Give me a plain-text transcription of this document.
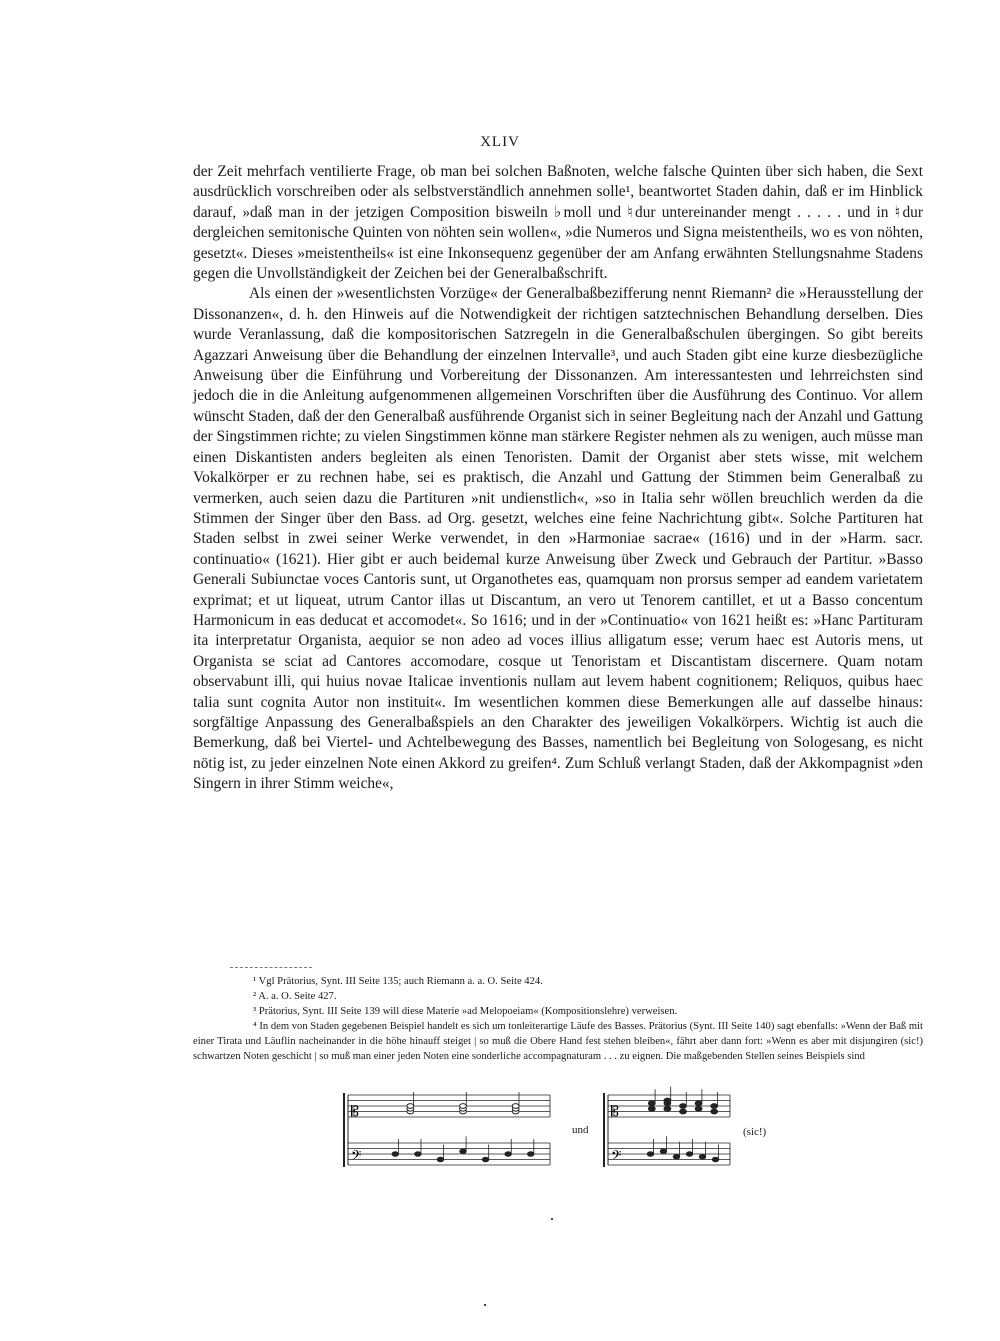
XLIV

der Zeit mehrfach ventilierte Frage, ob man bei solchen Baßnoten, welche falsche Quinten über sich haben, die Sext ausdrücklich vorschreiben oder als selbstverständlich annehmen solle¹, beantwortet Staden dahin, daß er im Hinblick darauf, »daß man in der jetzigen Composition bisweiln ♭moll und ♮dur untereinander mengt . . . . . und in ♮dur dergleichen semitonische Quinten von nöhten sein wollen«, »die Numeros und Signa meistentheils, wo es von nöhten, gesetzt«. Dieses »meistentheils« ist eine Inkonsequenz gegenüber der am Anfang erwähnten Stellungsnahme Stadens gegen die Unvollständigkeit der Zeichen bei der Generalbaßschrift.

Als einen der »wesentlichsten Vorzüge« der Generalbaßbezifferung nennt Riemann² die »Herausstellung der Dissonanzen«, d. h. den Hinweis auf die Notwendigkeit der richtigen satztechnischen Behandlung derselben. Dies wurde Veranlassung, daß die kompositorischen Satzregeln in die Generalbaßschulen übergingen. So gibt bereits Agazzari Anweisung über die Behandlung der einzelnen Intervalle³, und auch Staden gibt eine kurze diesbezügliche Anweisung über die Einführung und Vorbereitung der Dissonanzen. Am interessantesten und lehrreichsten sind jedoch die in die Anleitung aufgenommenen allgemeinen Vorschriften über die Ausführung des Continuo. Vor allem wünscht Staden, daß der den Generalbaß ausführende Organist sich in seiner Begleitung nach der Anzahl und Gattung der Singstimmen richte; zu vielen Singstimmen könne man stärkere Register nehmen als zu wenigen, auch müsse man einen Diskantisten anders begleiten als einen Tenoristen. Damit der Organist aber stets wisse, mit welchem Vokalkörper er zu rechnen habe, sei es praktisch, die Anzahl und Gattung der Stimmen beim Generalbaß zu vermerken, auch seien dazu die Partituren »nit undienstlich«, »so in Italia sehr wöllen breuchlich werden da die Stimmen der Singer über den Bass. ad Org. gesetzt, welches eine feine Nachrichtung gibt«. Solche Partituren hat Staden selbst in zwei seiner Werke verwendet, in den »Harmoniae sacrae« (1616) und in der »Harm. sacr. continuatio« (1621). Hier gibt er auch beidemal kurze Anweisung über Zweck und Gebrauch der Partitur. »Basso Generali Subiunctae voces Cantoris sunt, ut Organothetes eas, quamquam non prorsus semper ad eandem varietatem exprimat; et ut liqueat, utrum Cantor illas ut Discantum, an vero ut Tenorem cantillet, et ut a Basso concentum Harmonicum in eas deducat et accomodet«. So 1616; und in der »Continuatio« von 1621 heißt es: »Hanc Partituram ita interpretatur Organista, aequior se non adeo ad voces illius alligatum esse; verum haec est Autoris mens, ut Organista se sciat ad Cantores accomodare, cosque ut Tenoristam et Discantistam discernere. Quam notam observabunt illi, qui huius novae Italicae inventionis nullam aut levem habent cognitionem; Reliquos, quibus haec talia sunt cognita Autor non instituit«. Im wesentlichen kommen diese Bemerkungen alle auf dasselbe hinaus: sorgfältige Anpassung des Generalbaßspiels an den Charakter des jeweiligen Vokalkörpers. Wichtig ist auch die Bemerkung, daß bei Viertel- und Achtelbewegung des Basses, namentlich bei Begleitung von Sologesang, es nicht nötig ist, zu jeder einzelnen Note einen Akkord zu greifen⁴. Zum Schluß verlangt Staden, daß der Akkompagnist »den Singern in ihrer Stimm weiche«,

¹ Vgl Prätorius, Synt. III Seite 135; auch Riemann a. a. O. Seite 424.

² A. a. O. Seite 427.

³ Prätorius, Synt. III Seite 139 will diese Materie »ad Melopoeiam« (Kompositionslehre) verweisen.

⁴ In dem von Staden gegebenen Beispiel handelt es sich um tonleiterartige Läufe des Basses. Prätorius (Synt. III Seite 140) sagt ebenfalls: »Wenn der Baß mit einer Tirata und Läuflin nacheinander in die höhe hinauff steiget | so muß die Obere Hand fest stehen bleiben«, fährt aber dann fort: »Wenn es aber mit disjungiren (sic!) schwartzen Noten geschicht | so muß man einer jeden Noten eine sonderliche accompagnaturam . . . zu eignen. Die maßgebenden Stellen seines Beispiels sind

𝄡
𝄢
𝄡
𝄢
und	(sic!)
